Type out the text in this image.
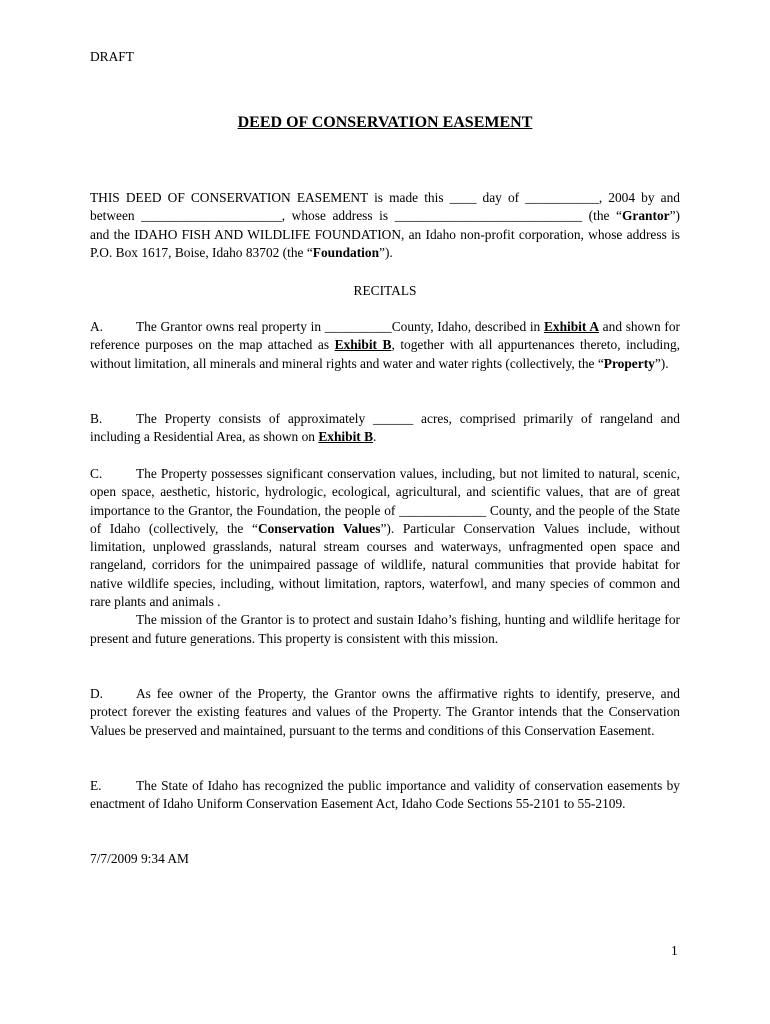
DRAFT
DEED OF CONSERVATION EASEMENT

THIS DEED OF CONSERVATION EASEMENT is made this ____ day of ___________, 2004 by and between _____________________, whose address is ____________________________ (the “Grantor”) and the IDAHO FISH AND WILDLIFE FOUNDATION, an Idaho non-profit corporation, whose address is P.O. Box 1617, Boise, Idaho 83702 (the “Foundation”).

RECITALS

A. The Grantor owns real property in __________County, Idaho, described in Exhibit A and shown for reference purposes on the map attached as Exhibit B, together with all appurtenances thereto, including, without limitation, all minerals and mineral rights and water and water rights (collectively, the “Property”).

B.	The Property consists of approximately ______ acres, comprised primarily of rangeland and including a Residential Area, as shown on Exhibit B.

C.	The Property possesses significant conservation values, including, but not limited to natural, scenic, open space, aesthetic, historic, hydrologic, ecological, agricultural, and scientific values, that are of great importance to the Grantor, the Foundation, the people of _____________ County, and the people of the State of Idaho (collectively, the “Conservation Values”). Particular Conservation Values include, without limitation, unplowed grasslands, natural stream courses and waterways, unfragmented open space and rangeland, corridors for the unimpaired passage of wildlife, natural communities that provide habitat for native wildlife species, including, without limitation, raptors, waterfowl, and many species of common and rare plants and animals .
The mission of the Grantor is to protect and sustain Idaho’s fishing, hunting and wildlife heritage for present and future generations. This property is consistent with this mission.

D. As fee owner of the Property, the Grantor owns the affirmative rights to identify, preserve, and protect forever the existing features and values of the Property. The Grantor intends that the Conservation Values be preserved and maintained, pursuant to the terms and conditions of this Conservation Easement.

E.	The State of Idaho has recognized the public importance and validity of conservation easements by enactment of Idaho Uniform Conservation Easement Act, Idaho Code Sections 55-2101 to 55-2109.

7/7/2009 9:34 AM
1
